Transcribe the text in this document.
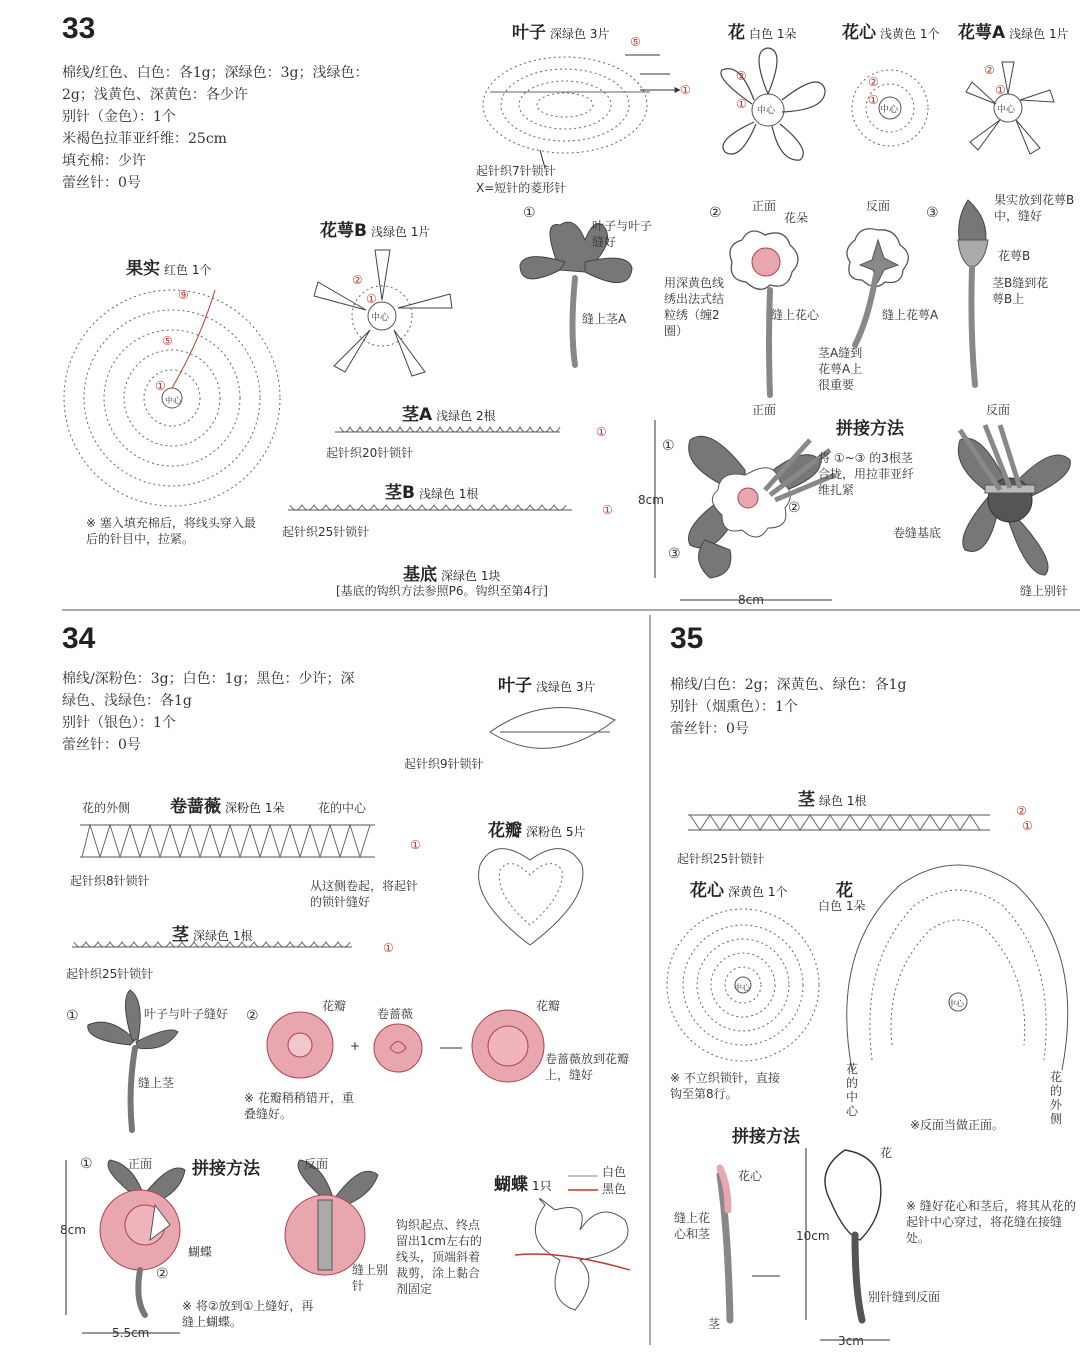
33
棉线/红色、白色：各1g；深绿色：3g；浅绿色：
2g；浅黄色、深黄色：各少许
别针（金色）：1个
米褐色拉菲亚纤维：25cm
填充棉：少许
蕾丝针：0号
叶子 深绿色 3片
起针织7针锁针
X=短针的菱形针
⑤
①
花 白色 1朵
中心
②
①
花心 浅黄色 1个
中心
②
①
花萼A 浅绿色 1片
中心
②
①
花萼B 浅绿色 1片
中心
②
①
果实 红色 1个
⑨
⑤
①
中心
※ 塞入填充棉后，将线头穿入最后的针目中，拉紧。
茎A 浅绿色 2根
起针织20针锁针
①
茎B 浅绿色 1根
起针织25针锁针
①
基底 深绿色 1块
[基底的钩织方法参照P6。钩织至第4行]
①
叶子与叶子缝好
缝上茎A
②	正面
花朵
用深黄色线绣出法式结粒绣（缠2圈）
缝上花心
反面
缝上花萼A
茎A缝到花萼A上很重要
③
果实放到花萼B中，缝好
花萼B
茎B缝到花萼B上
正面
拼接方法
反面
将 ①~③ 的3根茎合拢，用拉菲亚纤维扎紧
卷缝基底
缝上别针
8cm
8cm
①
②
③
34
棉线/深粉色：3g；白色：1g；黑色：少许；深
绿色、浅绿色：各1g
别针（银色）：1个
蕾丝针：0号
叶子 浅绿色 3片
起针织9针锁针
花的外侧 卷蔷薇 深粉色 1朵	花的中心
起针织8针锁针	从这侧卷起，将起针的锁针缝好
①
花瓣 深粉色 5片
茎 深绿色 1根
起针织25针锁针
①
①	叶子与叶子缝好
缝上茎
②
花瓣
+
卷蔷薇
花瓣
卷蔷薇放到花瓣上，缝好
※ 花瓣稍稍错开，重叠缝好。
①	正面 拼接方法	反面
8cm
5.5cm
蝴蝶
②	缝上别针
※ 将②放到①上缝好，再缝上蝴蝶。
蝴蝶 1只
白色
黑色
钩织起点、终点留出1cm左右的线头，顶端斜着裁剪，涂上黏合剂固定
35
棉线/白色：2g；深黄色、绿色：各1g
别针（烟熏色）：1个
蕾丝针：0号
茎 绿色 1根
起针织25针锁针
②
①
花心 深黄色 1个
中心
※ 不立织锁针，直接钩至第8行。
花
白色 1朵
中心
花的中心
花的外侧
※反面当做正面。
拼接方法
花心
缝上花心和茎
茎
花
10cm
3cm
别针缝到反面
※ 缝好花心和茎后，将其从花的起针中心穿过，将花缝在接缝处。
